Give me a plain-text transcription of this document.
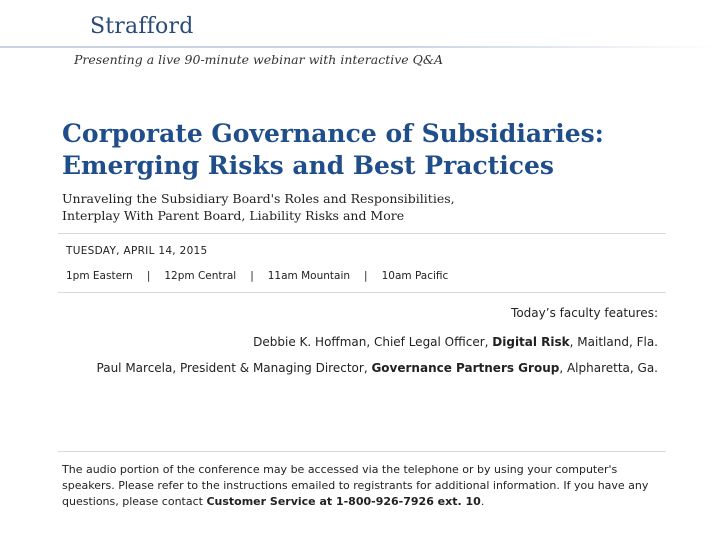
Strafford
Presenting a live 90-minute webinar with interactive Q&A
Corporate Governance of Subsidiaries:
Emerging Risks and Best Practices

Unraveling the Subsidiary Board's Roles and Responsibilities,
Interplay With Parent Board, Liability Risks and More

TUESDAY, APRIL 14, 2015
1pm Eastern | 12pm Central | 11am Mountain | 10am Pacific
Today’s faculty features:
Debbie K. Hoffman, Chief Legal Officer, Digital Risk, Maitland, Fla.
Paul Marcela, President & Managing Director, Governance Partners Group, Alpharetta, Ga.

The audio portion of the conference may be accessed via the telephone or by using your computer's speakers. Please refer to the instructions emailed to registrants for additional information. If you have any questions, please contact Customer Service at 1-800-926-7926 ext. 10.
